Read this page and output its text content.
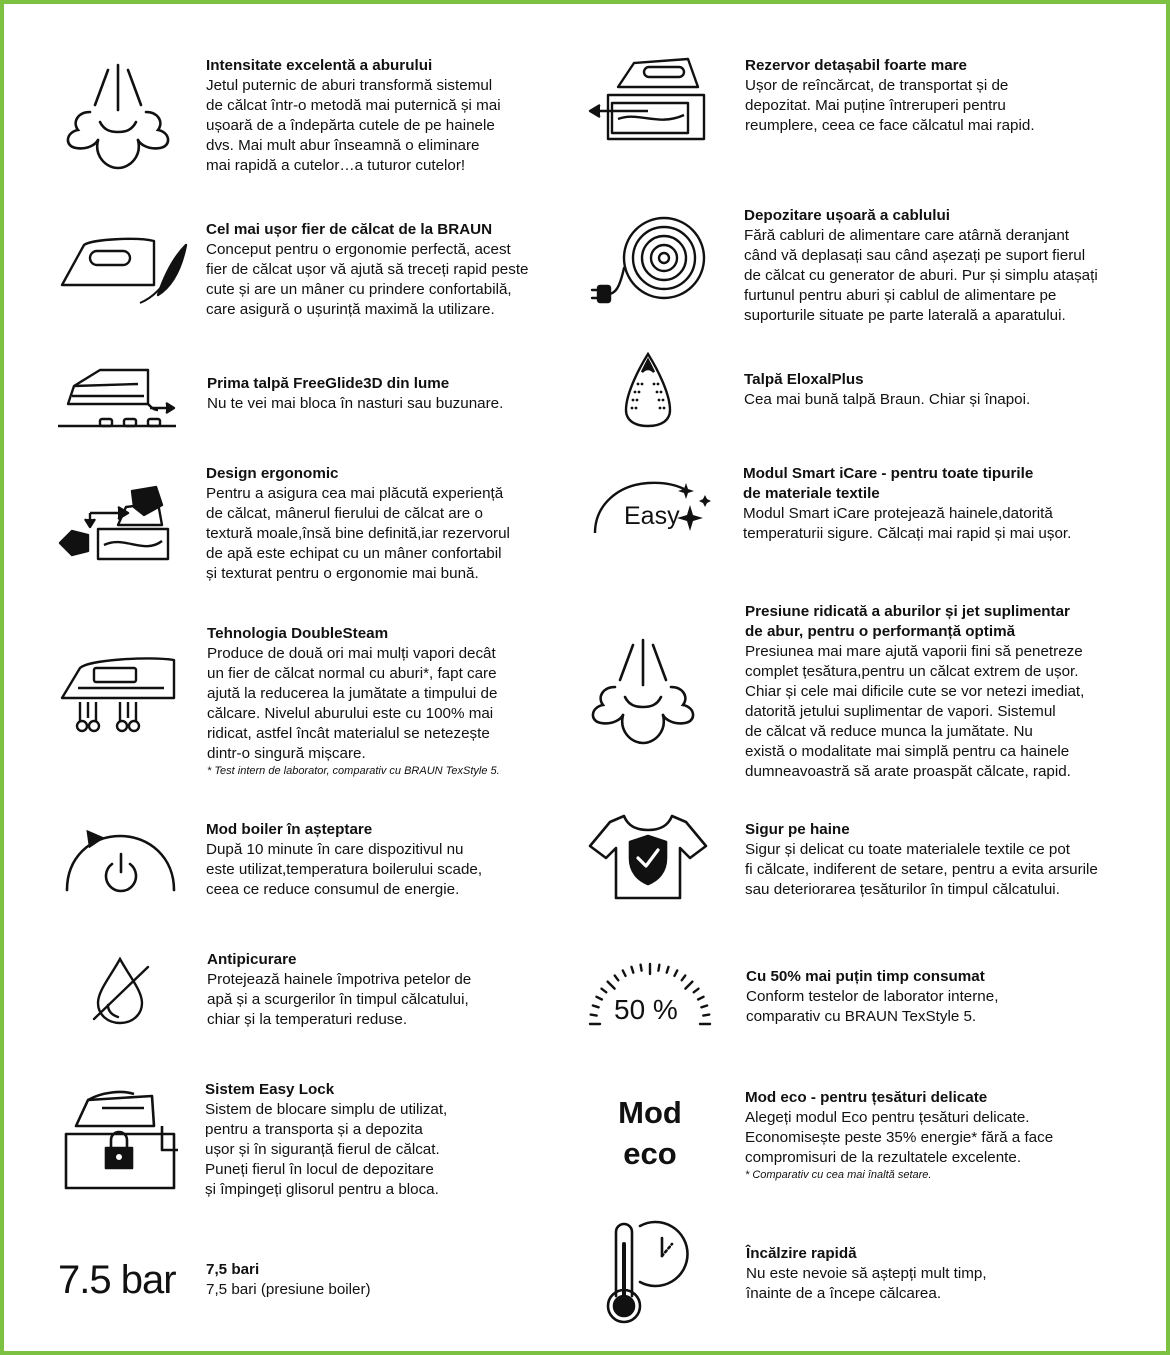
Intensitate excelentă a aburului
Jetul puternic de aburi transformă sistemul
de călcat într-o metodă mai puternică și mai
ușoară de a îndepărta cutele de pe hainele
dvs. Mai mult abur înseamnă o eliminare
mai rapidă a cutelor…a tuturor cutelor!
Cel mai ușor fier de călcat de la BRAUN
Conceput pentru o ergonomie perfectă, acest
fier de călcat ușor vă ajută să treceți rapid peste
cute și are un mâner cu prindere confortabilă,
care asigură o ușurință maximă la utilizare.
Prima talpă FreeGlide3D din lume
Nu te vei mai bloca în nasturi sau buzunare.
Design ergonomic
Pentru a asigura cea mai plăcută experiență
de călcat, mânerul fierului de călcat are o
textură moale,însă bine definită,iar rezervorul
de apă este echipat cu un mâner confortabil
și texturat pentru o ergonomie mai bună.
Tehnologia DoubleSteam
Produce de două ori mai mulți vapori decât
un fier de călcat normal cu aburi*, fapt care
ajută la reducerea la jumătate a timpului de
călcare. Nivelul aburului este cu 100% mai
ridicat, astfel încât materialul se netezește
dintr-o singură mișcare.
* Test intern de laborator, comparativ cu BRAUN TexStyle 5.
Mod boiler în așteptare
După 10 minute în care dispozitivul nu
este utilizat,temperatura boilerului scade,
ceea ce reduce consumul de energie.
Antipicurare
Protejează hainele împotriva petelor de
apă și a scurgerilor în timpul călcatului,
chiar și la temperaturi reduse.
Sistem Easy Lock
Sistem de blocare simplu de utilizat,
pentru a transporta și a depozita
ușor și în siguranță fierul de călcat.
Puneți fierul în locul de depozitare
și împingeți glisorul pentru a bloca.
7.5 bar 7,5 bari
7,5 bari (presiune boiler)
Rezervor detașabil foarte mare
Ușor de reîncărcat, de transportat și de
depozitat. Mai puține întreruperi pentru
reumplere, ceea ce face călcatul mai rapid.
Depozitare ușoară a cablului
Fără cabluri de alimentare care atârnă deranjant
când vă deplasați sau când așezați pe suport fierul
de călcat cu generator de aburi. Pur și simplu atașați
furtunul pentru aburi și cablul de alimentare pe
suporturile situate pe parte laterală a aparatului.
Talpă EloxalPlus
Cea mai bună talpă Braun. Chiar și înapoi.
Easy
Modul Smart iCare - pentru toate tipurile
de materiale textile
Modul Smart iCare protejează hainele,datorită
temperaturii sigure. Călcați mai rapid și mai ușor.
Presiune ridicată a aburilor și jet suplimentar
de abur, pentru o performanță optimă
Presiunea mai mare ajută vaporii fini să penetreze
complet țesătura,pentru un călcat extrem de ușor.
Chiar și cele mai dificile cute se vor netezi imediat,
datorită jetului suplimentar de vapori. Sistemul
de călcat vă reduce munca la jumătate. Nu
există o modalitate mai simplă pentru ca hainele
dumneavoastră să arate proaspăt călcate, rapid.
Sigur pe haine
Sigur și delicat cu toate materialele textile ce pot
fi călcate, indiferent de setare, pentru a evita arsurile
sau deteriorarea țesăturilor în timpul călcatului.
50 %
Cu 50% mai puțin timp consumat
Conform testelor de laborator interne,
comparativ cu BRAUN TexStyle 5.
Mod
eco
Mod eco - pentru țesături delicate
Alegeți modul Eco pentru țesături delicate.
Economisește peste 35% energie* fără a face
compromisuri de la rezultatele excelente.
* Comparativ cu cea mai înaltă setare.
Încălzire rapidă
Nu este nevoie să aștepți mult timp,
înainte de a începe călcarea.
